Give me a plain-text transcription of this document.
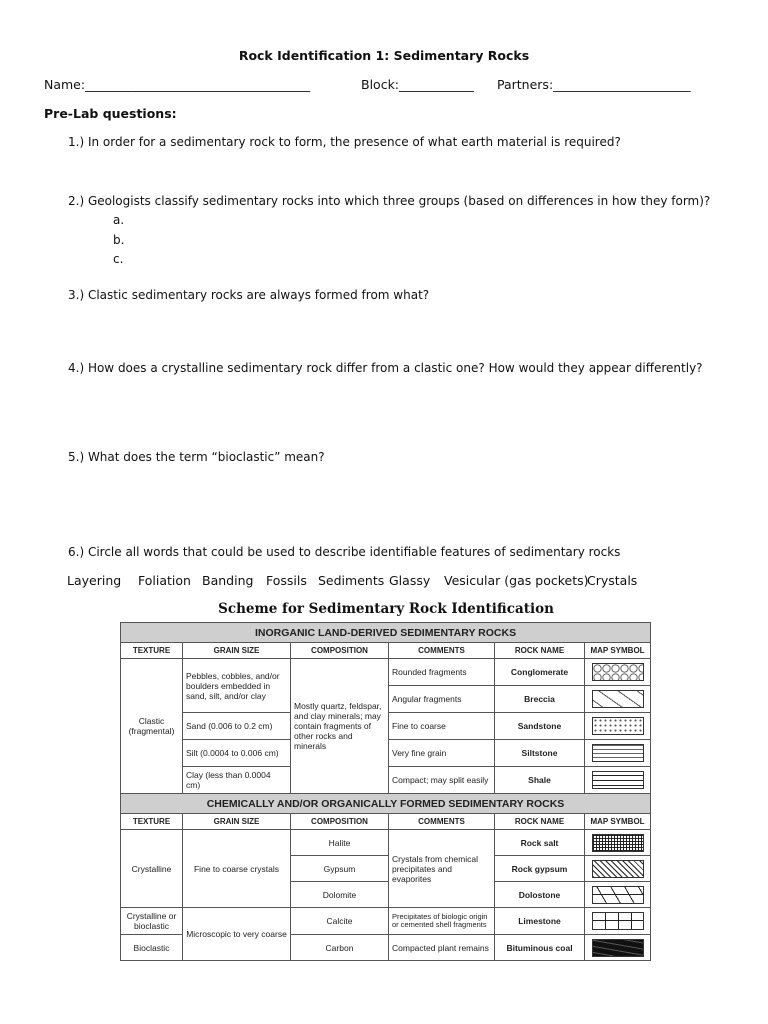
Rock Identification 1: Sedimentary Rocks
Name:____________________________________	Block:____________ Partners:______________________
Pre-Lab questions:
1.) In order for a sedimentary rock to form, the presence of what earth material is required?
2.) Geologists classify sedimentary rocks into which three groups (based on differences in how they form)?
a.
b.
c.
3.) Clastic sedimentary rocks are always formed from what?
4.) How does a crystalline sedimentary rock differ from a clastic one? How would they appear differently?
5.) What does the term “bioclastic” mean?
6.) Circle all words that could be used to describe identifiable features of sedimentary rocks
Layering Foliation Banding Fossils Sediments Glassy Vesicular (gas pockets)
Crystals
Scheme for Sedimentary Rock Identification
INORGANIC LAND-DERIVED SEDIMENTARY ROCKS					
TEXTURE	GRAIN SIZE	COMPOSITION	COMMENTS	ROCK NAME	MAP SYMBOL
Clastic (fragmental)	Pebbles, cobbles, and/or boulders embedded in sand, silt, and/or clay	Mostly quartz, feldspar, and clay minerals; may contain fragments of other rocks and minerals	Rounded fragments	Conglomerate	

			Angular fragments	Breccia	

	Sand (0.006 to 0.2 cm)		Fine to coarse	Sandstone	

	Silt (0.0004 to 0.006 cm)		Very fine grain	Siltstone	

	Clay (less than 0.0004 cm)		Compact; may split easily	Shale	

CHEMICALLY AND/OR ORGANICALLY FORMED SEDIMENTARY ROCKS					
TEXTURE	GRAIN SIZE	COMPOSITION	COMMENTS	ROCK NAME	MAP SYMBOL
Crystalline	Fine to coarse crystals	Halite	Crystals from chemical precipitates and evaporites	Rock salt	

		Gypsum		Rock gypsum	

		Dolomite		Dolostone	

Crystalline or bioclastic	Microscopic to very coarse	Calcite	Precipitates of biologic origin or cemented shell fragments	Limestone	

Bioclastic		Carbon	Compacted plant remains	Bituminous coal	
